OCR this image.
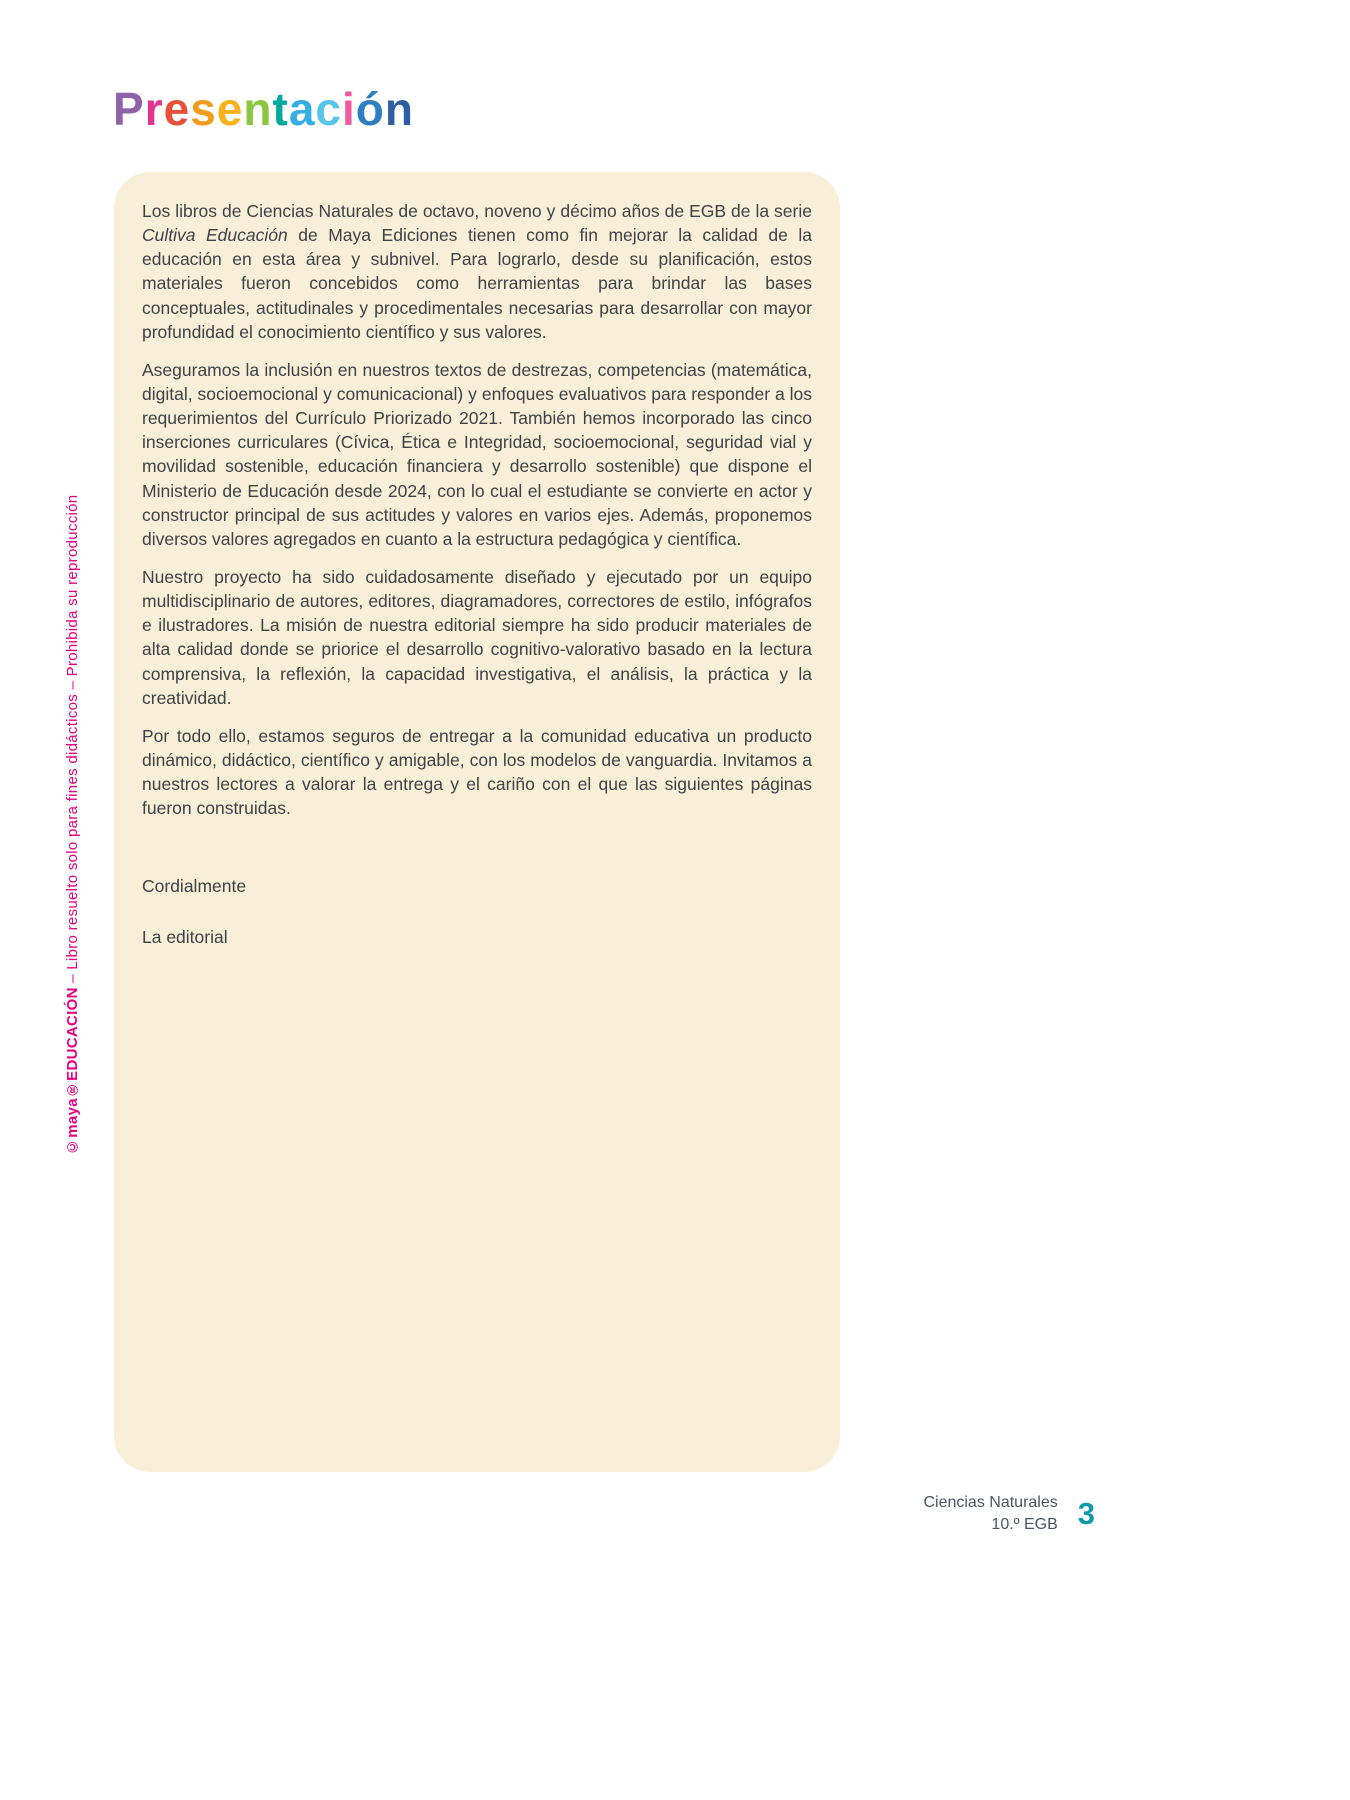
Presentación

Los libros de Ciencias Naturales de octavo, noveno y décimo años de EGB de la serie Cultiva Educación de Maya Ediciones tienen como fin mejorar la calidad de la educación en esta área y subnivel. Para lograrlo, desde su planificación, estos materiales fueron concebidos como herramientas para brindar las bases conceptuales, actitudinales y procedimentales necesarias para desarrollar con mayor profundidad el conocimiento científico y sus valores.

Aseguramos la inclusión en nuestros textos de destrezas, competencias (matemática, digital, socioemocional y comunicacional) y enfoques evaluativos para responder a los requerimientos del Currículo Priorizado 2021. También hemos incorporado las cinco inserciones curriculares (Cívica, Ética e Integridad, socioemocional, seguridad vial y movilidad sostenible, educación financiera y desarrollo sostenible) que dispone el Ministerio de Educación desde 2024, con lo cual el estudiante se convierte en actor y constructor principal de sus actitudes y valores en varios ejes. Además, proponemos diversos valores agregados en cuanto a la estructura pedagógica y científica.

Nuestro proyecto ha sido cuidadosamente diseñado y ejecutado por un equipo multidisciplinario de autores, editores, diagramadores, correctores de estilo, infógrafos e ilustradores. La misión de nuestra editorial siempre ha sido producir materiales de alta calidad donde se priorice el desarrollo cognitivo-valorativo basado en la lectura comprensiva, la reflexión, la capacidad investigativa, el análisis, la práctica y la creatividad.

Por todo ello, estamos seguros de entregar a la comunidad educativa un producto dinámico, didáctico, científico y amigable, con los modelos de vanguardia. Invitamos a nuestros lectores a valorar la entrega y el cariño con el que las siguientes páginas fueron construidas.

Cordialmente

La editorial

©maya®EDUCACIÓN – Libro resuelto solo para fines didácticos – Prohibida su reproducción
Ciencias Naturales
10.º EGB 3
